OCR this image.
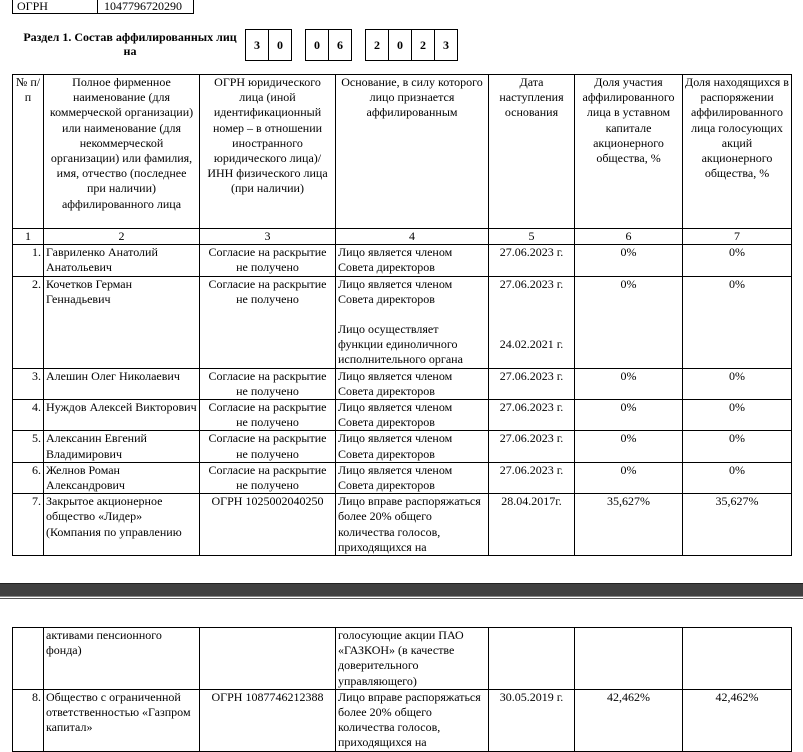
ОГРН	1047796720290
Раздел 1. Состав аффилированных лиц на	3	0	0	6	2	0	2	3
№ п/п	Полное фирменное наименование (для коммерческой организации) или наименование (для некоммерческой организации) или фамилия, имя, отчество (последнее при наличии) аффилированного лица	ОГРН юридического лица (иной идентификационный номер – в отношении иностранного юридического лица)/ ИНН физического лица (при наличии)	Основание, в силу которого лицо признается аффилированным	Дата наступления основания	Доля участия аффилированного лица в уставном капитале акционерного общества, %	Доля находящихся в распоряжении аффилированного лица голосующих акций акционерного общества, %
1	2	3	4	5	6	7
1.	Гавриленко Анатолий Анатольевич	Согласие на раскрытие не получено	Лицо является членом Совета директоров	27.06.2023 г.	0%	0%
2.	Кочетков Герман Геннадьевич	Согласие на раскрытие не получено	
Лицо является членом Совета директоров
Лицо осуществляет функции единоличного исполнительного органа

27.06.2023 г.
24.02.2021 г.
	0%	0%
3.	Алешин Олег Николаевич	Согласие на раскрытие не получено	Лицо является членом Совета директоров	27.06.2023 г.	0%	0%
4.	Нуждов Алексей Викторович	Согласие на раскрытие не получено	Лицо является членом Совета директоров	27.06.2023 г.	0%	0%
5.	Алексанин Евгений Владимирович	Согласие на раскрытие не получено	Лицо является членом Совета директоров	27.06.2023 г.	0%	0%
6.	Желнов Роман Александрович	Согласие на раскрытие не получено	Лицо является членом Совета директоров	27.06.2023 г.	0%	0%
7.	Закрытое акционерное общество «Лидер» (Компания по управлению	ОГРН 1025002040250	Лицо вправе распоряжаться более 20% общего количества голосов, приходящихся на	28.04.2017г.	35,627%	35,627%
	активами пенсионного фонда)		голосующие акции ПАО «ГАЗКОН» (в качестве доверительного управляющего)			
8.	Общество с ограниченной ответственностью «Газпром капитал»	ОГРН 1087746212388	Лицо вправе распоряжаться более 20% общего количества голосов, приходящихся на	30.05.2019 г.	42,462%	42,462%
